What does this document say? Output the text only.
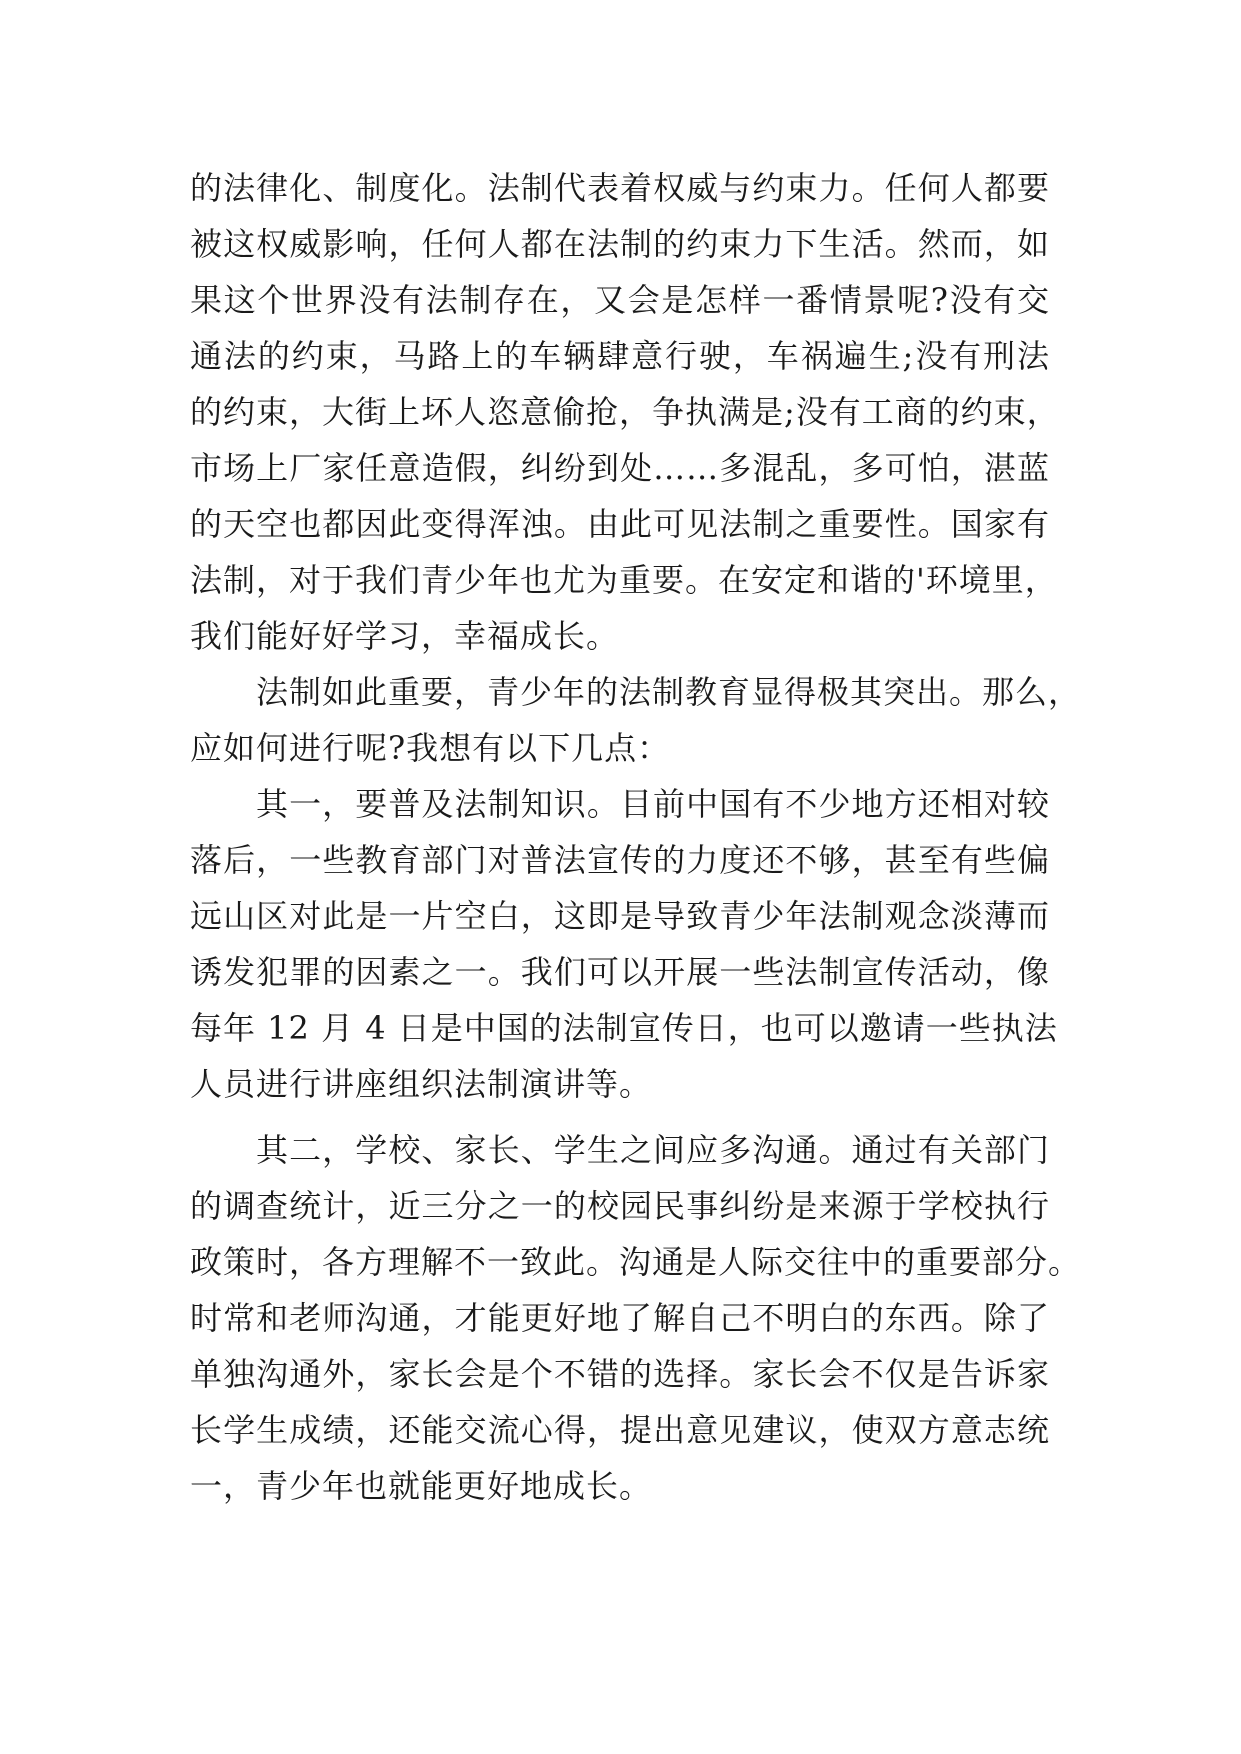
的法律化、制度化。法制代表着权威与约束力。任何人都要
被这权威影响，任何人都在法制的约束力下生活。然而，如
果这个世界没有法制存在，又会是怎样一番情景呢?没有交
通法的约束，马路上的车辆肆意行驶，车祸遍生;没有刑法
的约束，大街上坏人恣意偷抢，争执满是;没有工商的约束，
市场上厂家任意造假，纠纷到处……多混乱，多可怕，湛蓝
的天空也都因此变得浑浊。由此可见法制之重要性。国家有
法制，对于我们青少年也尤为重要。在安定和谐的'环境里，
我们能好好学习，幸福成长。
法制如此重要，青少年的法制教育显得极其突出。那么，
应如何进行呢?我想有以下几点：
其一，要普及法制知识。目前中国有不少地方还相对较
落后，一些教育部门对普法宣传的力度还不够，甚至有些偏
远山区对此是一片空白，这即是导致青少年法制观念淡薄而
诱发犯罪的因素之一。我们可以开展一些法制宣传活动，像
每年 12 月 4 日是中国的法制宣传日，也可以邀请一些执法
人员进行讲座组织法制演讲等。
其二，学校、家长、学生之间应多沟通。通过有关部门
的调查统计，近三分之一的校园民事纠纷是来源于学校执行
政策时，各方理解不一致此。沟通是人际交往中的重要部分。
时常和老师沟通，才能更好地了解自己不明白的东西。除了
单独沟通外，家长会是个不错的选择。家长会不仅是告诉家
长学生成绩，还能交流心得，提出意见建议，使双方意志统
一，青少年也就能更好地成长。
